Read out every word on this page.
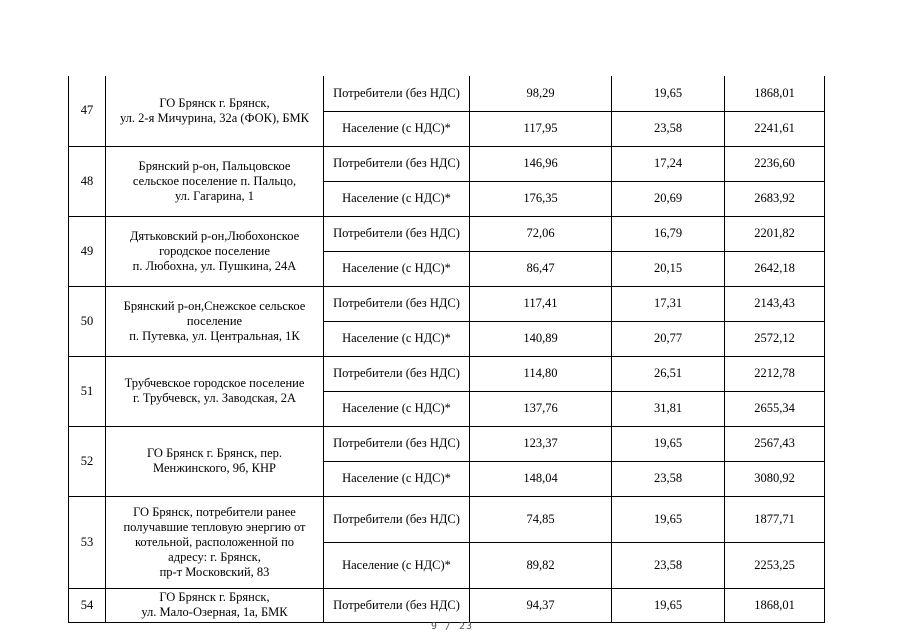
47	ГО Брянск г. Брянск,
ул. 2-я Мичурина, 32а (ФОК), БМК	Потребители (без НДС)	98,29	19,65	1868,01
		Население (с НДС)*	117,95	23,58	2241,61
48	Брянский р-он, Пальцовское
сельское поселение п. Пальцо,
ул. Гагарина, 1	Потребители (без НДС)	146,96	17,24	2236,60
		Население (с НДС)*	176,35	20,69	2683,92
49	Дятьковский р-он,Любохонское
городское поселение
п. Любохна, ул. Пушкина, 24А	Потребители (без НДС)	72,06	16,79	2201,82
		Население (с НДС)*	86,47	20,15	2642,18
50	Брянский р-он,Снежское сельское
поселение
п. Путевка, ул. Центральная, 1К	Потребители (без НДС)	117,41	17,31	2143,43
		Население (с НДС)*	140,89	20,77	2572,12
51	Трубчевское городское поселение
г. Трубчевск, ул. Заводская, 2А	Потребители (без НДС)	114,80	26,51	2212,78
		Население (с НДС)*	137,76	31,81	2655,34
52	ГО Брянск г. Брянск, пер.
Менжинского, 9б, КНР	Потребители (без НДС)	123,37	19,65	2567,43
		Население (с НДС)*	148,04	23,58	3080,92
53	ГО Брянск, потребители ранее
получавшие тепловую энергию от
котельной, расположенной по
адресу: г. Брянск,
пр-т Московский, 83	Потребители (без НДС)	74,85	19,65	1877,71
		Население (с НДС)*	89,82	23,58	2253,25
54	ГО Брянск г. Брянск,
ул. Мало-Озерная, 1а, БМК	Потребители (без НДС)	94,37	19,65	1868,01
9 / 23
